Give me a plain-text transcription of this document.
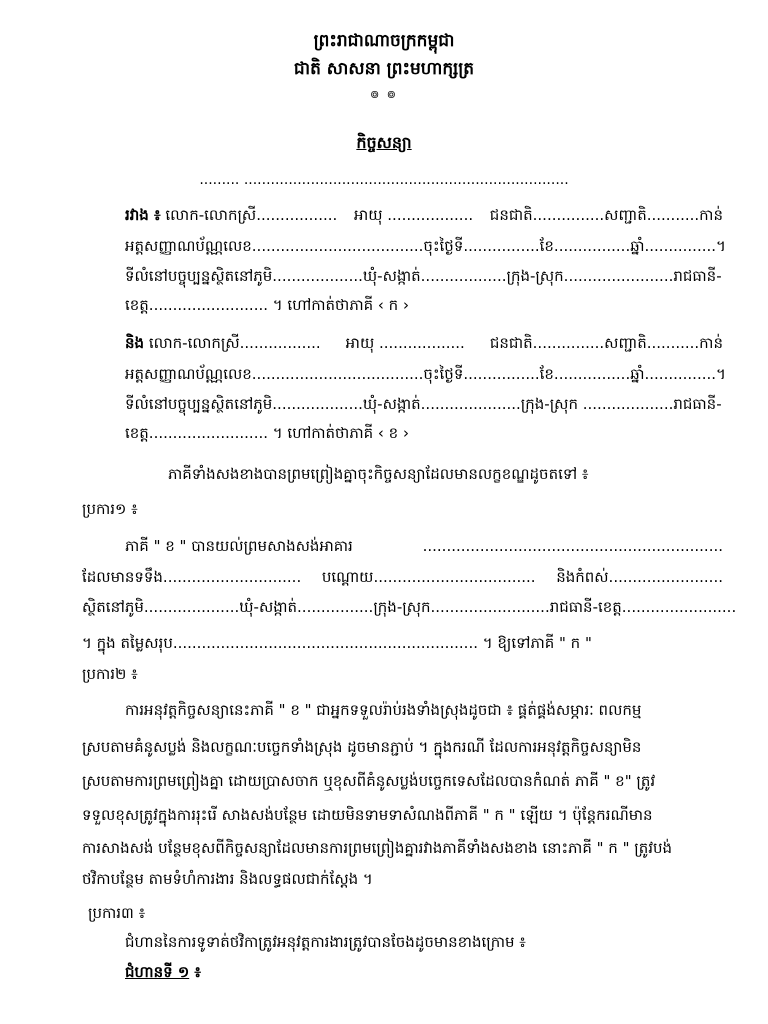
ព្រះរាជាណាចក្រកម្ពុជា
ជាតិ សាសនា ព្រះមហាក្សត្រ
៙ ៙
កិច្ចសន្យា
......... .........................................................................
រវាង ៖ លោក-លោកស្រី................. អាយុ .................. ជនជាតិ...............សញ្ជាតិ...........កាន់
អត្តសញ្ញាណប័ណ្ណលេខ....................................ចុះថ្ងៃទី................ខែ................ឆ្នាំ...............។
ទីលំនៅបច្ចុប្បន្នស្ថិតនៅភូមិ...................ឃុំ-សង្កាត់..................ក្រុង-ស្រុក.......................រាជធានី-
ខេត្ត......................... ។ ហៅកាត់ថាភាគី ‹ ក ›
និង លោក-លោកស្រី................. អាយុ .................. ជនជាតិ...............សញ្ជាតិ...........កាន់
អត្តសញ្ញាណប័ណ្ណលេខ....................................ចុះថ្ងៃទី................ខែ................ឆ្នាំ...............។
ទីលំនៅបច្ចុប្បន្នស្ថិតនៅភូមិ...................ឃុំ-សង្កាត់.....................ក្រុង-ស្រុក ...................រាជធានី-
ខេត្ត......................... ។ ហៅកាត់ថាភាគី ‹ ខ ›
ភាគីទាំងសងខាងបានព្រមព្រៀងគ្នាចុះកិច្ចសន្យាដែលមានលក្ខខណ្ឌដូចតទៅ ៖
ប្រការ១ ៖
ភាគី " ខ " បានយល់ព្រមសាងសង់អាគារ	...............................................................
ដែលមានទទឹង............................. បណ្ដោយ.................................. និងកំពស់........................
ស្ថិតនៅភូមិ....................ឃុំ-សង្កាត់................ក្រុង-ស្រុក.........................រាជធានី-ខេត្ត........................
។ ក្នុង តម្លៃសរុប................................................................ ។ ឱ្យទៅភាគី " ក "
ប្រការ២ ៖
ការអនុវត្តកិច្ចសន្យានេះភាគី " ខ " ជាអ្នកទទួលរ៉ាប់រងទាំងស្រុងដូចជា ៖ ផ្គត់ផ្គង់សម្ភារៈ ពលកម្ម
ស្របតាមគំនូសប្លង់ និងលក្ខណៈបច្ចេកទាំងស្រុង ដូចមានភ្ជាប់ ។ ក្នុងករណី ដែលការអនុវត្តកិច្ចសន្យាមិន
ស្របតាមការព្រមព្រៀងគ្នា ដោយប្រាសចាក ឬខុសពីគំនូសប្លង់បច្ចេកទេសដែលបានកំណត់ ភាគី " ខ" ត្រូវ
ទទួលខុសត្រូវក្នុងការរុះរើ សាងសង់បន្ថែម ដោយមិនទាមទាសំណងពីភាគី " ក " ឡើយ ។ ប៉ុន្តែករណីមាន
ការសាងសង់ បន្ថែមខុសពីកិច្ចសន្យាដែលមានការព្រមព្រៀងគ្នារវាងភាគីទាំងសងខាង នោះភាគី " ក " ត្រូវបង់
ថវិកាបន្ថែម តាមទំហំការងារ និងលទ្ធផលជាក់ស្ដែង ។
ប្រការ៣ ៖
ជំហាននៃការទូទាត់ថវិកាត្រូវអនុវត្តការងារត្រូវបានចែងដូចមានខាងក្រោម ៖
ជំហានទី ១ ៖
